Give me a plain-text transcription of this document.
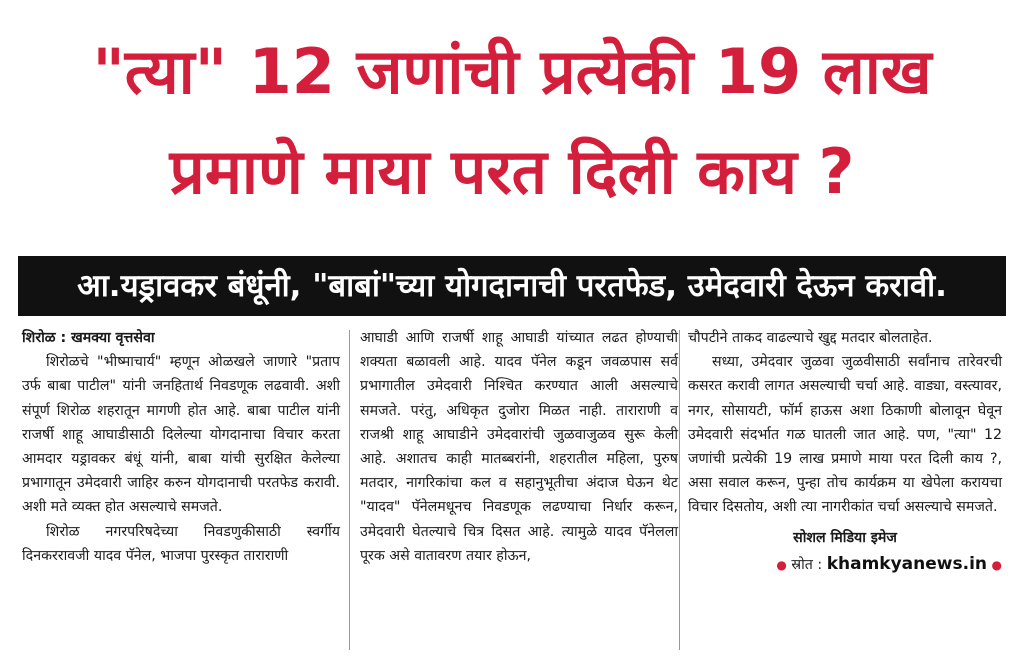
"त्या" 12 जणांची प्रत्येकी 19 लाख
प्रमाणे माया परत दिली काय ?
आ.यड्रावकर बंधूंनी, "बाबां"च्या योगदानाची परतफेड, उमेदवारी देऊन करावी.
शिरोळ : खमक्या वृत्तसेवा

शिरोळचे "भीष्माचार्य" म्हणून ओळखले जाणारे "प्रताप उर्फ बाबा पाटील" यांनी जनहितार्थ निवडणूक लढवावी. अशी संपूर्ण शिरोळ शहरातून मागणी होत आहे. बाबा पाटील यांनी राजर्षी शाहू आघाडीसाठी दिलेल्या योगदानाचा विचार करता आमदार यड्रावकर बंधूं यांनी, बाबा यांची सुरक्षित केलेल्या प्रभागातून उमेदवारी जाहिर करुन योगदानाची परतफेड करावी. अशी मते व्यक्त होत असल्याचे समजते.

शिरोळ नगरपरिषदेच्या निवडणुकीसाठी स्वर्गीय दिनकररावजी यादव पॅनेल, भाजपा पुरस्कृत ताराराणी

आघाडी आणि राजर्षी शाहू आघाडी यांच्यात लढत होण्याची शक्यता बळावली आहे. यादव पॅनेल कडून जवळपास सर्व प्रभागातील उमेदवारी निश्चित करण्यात आली असल्याचे समजते. परंतु, अधिकृत दुजोरा मिळत नाही. ताराराणी व राजश्री शाहू आघाडीने उमेदवारांची जुळवाजुळव सुरू केली आहे. अशातच काही मातब्बरांनी, शहरातील महिला, पुरुष मतदार, नागरिकांचा कल व सहानुभूतीचा अंदाज घेऊन थेट "यादव" पॅनेलमधूनच निवडणूक लढण्याचा निर्धार करून, उमेदवारी घेतल्याचे चित्र दिसत आहे. त्यामुळे यादव पॅनेलला पूरक असे वातावरण तयार होऊन,

चौपटीने ताकद वाढल्याचे खुद्द मतदार बोलताहेत.

सध्या, उमेदवार जुळवा जुळवीसाठी सर्वांनाच तारेवरची कसरत करावी लागत असल्याची चर्चा आहे. वाड्या, वस्त्यावर, नगर, सोसायटी, फॉर्म हाऊस अशा ठिकाणी बोलावून घेवून उमेदवारी संदर्भात गळ घातली जात आहे. पण, "त्या" 12 जणांची प्रत्येकी 19 लाख प्रमाणे माया परत दिली काय ?, असा सवाल करून, पुन्हा तोच कार्यक्रम या खेपेला करायचा विचार दिसतोय, अशी त्या नागरीकांत चर्चा असल्याचे समजते.

सोशल मिडिया इमेज
● स्रोत : khamkyanews.in ●
